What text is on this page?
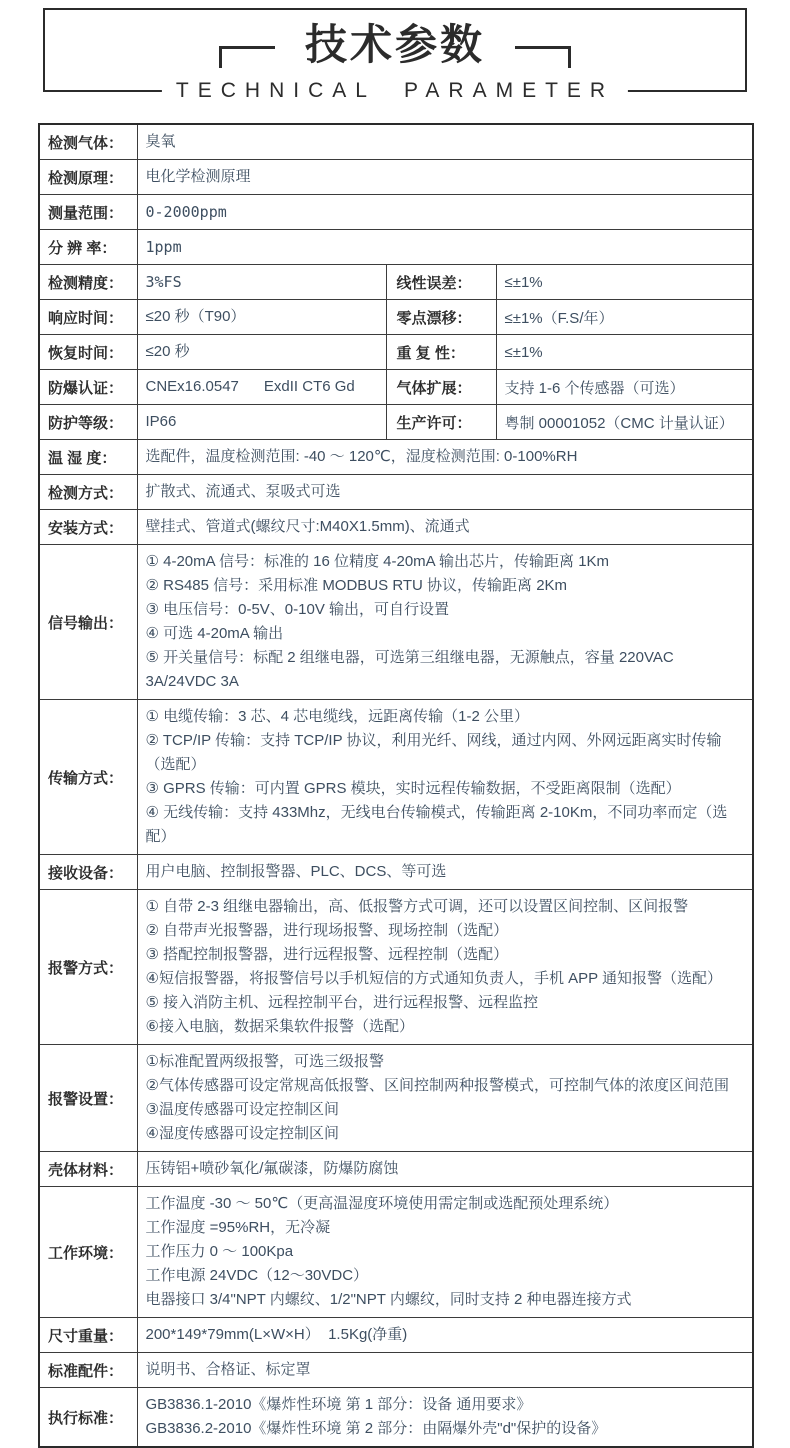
技术参数
TECHNICAL PARAMETER
检测气体：	臭氧		

检测原理：	电化学检测原理		

测量范围：	0-2000ppm		

分 辨 率：	1ppm		

检测精度：	3%FS	线性误差：	≤±1%
响应时间：	≤20 秒（T90）	零点漂移：	≤±1%（F.S/年）
恢复时间：	≤20 秒	重 复 性：	≤±1%
防爆认证：	CNEx16.0547      ExdII CT6 Gd	气体扩展：	支持 1-6 个传感器（可选）
防护等级：	IP66	生产许可：	粤制 00001052（CMC 计量认证）
温 湿 度：	选配件，温度检测范围: -40 ～ 120℃，湿度检测范围: 0-100%RH		

检测方式：	扩散式、流通式、泵吸式可选		

安装方式：	壁挂式、管道式(螺纹尺寸:M40X1.5mm)、流通式		

信号输出：	① 4-20mA 信号：标准的 16 位精度 4-20mA 输出芯片，传输距离 1Km
② RS485 信号：采用标准 MODBUS RTU 协议，传输距离 2Km
③ 电压信号：0-5V、0-10V 输出，可自行设置
④ 可选 4-20mA 输出
⑤ 开关量信号：标配 2 组继电器，可选第三组继电器，无源触点，容量 220VAC 3A/24VDC 3A		

传输方式：	① 电缆传输：3 芯、4 芯电缆线，远距离传输（1-2 公里）
② TCP/IP 传输：支持 TCP/IP 协议，利用光纤、网线，通过内网、外网远距离实时传输（选配）
③ GPRS 传输：可内置 GPRS 模块，实时远程传输数据，不受距离限制（选配）
④ 无线传输：支持 433Mhz，无线电台传输模式，传输距离 2-10Km，不同功率而定（选配）		

接收设备：	用户电脑、控制报警器、PLC、DCS、等可选		

报警方式：	
① 自带 2-3 组继电器输出，高、低报警方式可调，还可以设置区间控制、区间报警
② 自带声光报警器，进行现场报警、现场控制（选配）
③ 搭配控制报警器，进行远程报警、远程控制（选配）
④短信报警器，将报警信号以手机短信的方式通知负责人，手机 APP 通知报警（选配）
⑤ 接入消防主机、远程控制平台，进行远程报警、远程监控
⑥接入电脑，数据采集软件报警（选配）

报警设置：	①标准配置两级报警，可选三级报警
②气体传感器可设定常规高低报警、区间控制两种报警模式，可控制气体的浓度区间范围
③温度传感器可设定控制区间
④湿度传感器可设定控制区间		

壳体材料：	压铸铝+喷砂氧化/氟碳漆，防爆防腐蚀		

工作环境：	工作温度 -30 ～ 50℃（更高温湿度环境使用需定制或选配预处理系统）
工作湿度 =95%RH，无冷凝
工作压力 0 ～ 100Kpa
工作电源 24VDC（12～30VDC）
电器接口 3/4"NPT 内螺纹、1/2"NPT 内螺纹，同时支持 2 种电器连接方式		

尺寸重量：	200*149*79mm(L×W×H）  1.5Kg(净重)		

标准配件：	说明书、合格证、标定罩		

执行标准：	GB3836.1-2010《爆炸性环境 第 1 部分：设备 通用要求》
GB3836.2-2010《爆炸性环境 第 2 部分：由隔爆外壳"d"保护的设备》		
